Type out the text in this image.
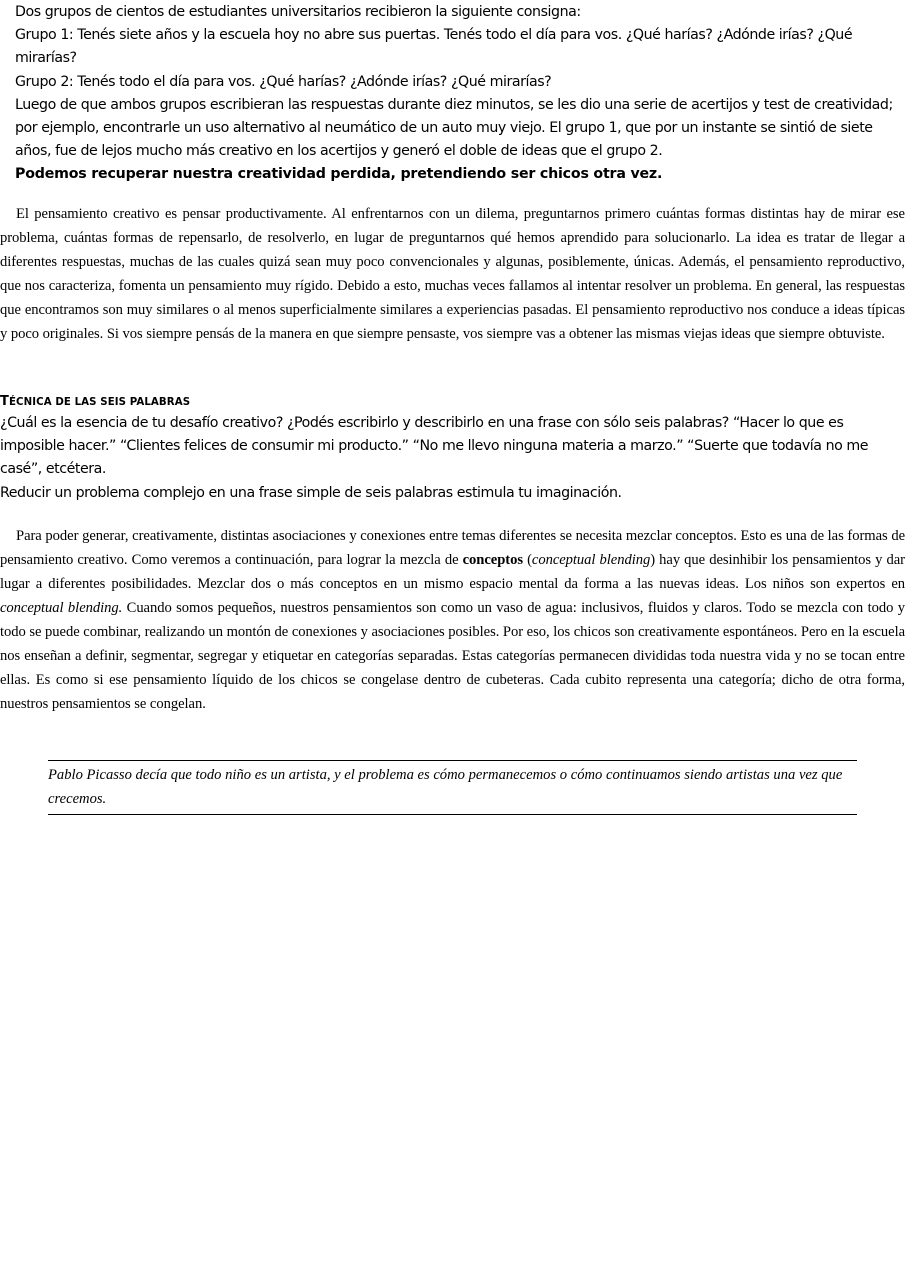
Dos grupos de cientos de estudiantes universitarios recibieron la siguiente consigna:

Grupo 1: Tenés siete años y la escuela hoy no abre sus puertas. Tenés todo el día para vos. ¿Qué harías? ¿Adónde irías? ¿Qué mirarías?

Grupo 2: Tenés todo el día para vos. ¿Qué harías? ¿Adónde irías? ¿Qué mirarías?

Luego de que ambos grupos escribieran las respuestas durante diez minutos, se les dio una serie de acertijos y test de creatividad; por ejemplo, encontrarle un uso alternativo al neumático de un auto muy viejo. El grupo 1, que por un instante se sintió de siete años, fue de lejos mucho más creativo en los acertijos y generó el doble de ideas que el grupo 2.

Podemos recuperar nuestra creatividad perdida, pretendiendo ser chicos otra vez.

El pensamiento creativo es pensar productivamente. Al enfrentarnos con un dilema, preguntarnos primero cuántas formas distintas hay de mirar ese problema, cuántas formas de repensarlo, de resolverlo, en lugar de preguntarnos qué hemos aprendido para solucionarlo. La idea es tratar de llegar a diferentes respuestas, muchas de las cuales quizá sean muy poco convencionales y algunas, posiblemente, únicas. Además, el pensamiento reproductivo, que nos caracteriza, fomenta un pensamiento muy rígido. Debido a esto, muchas veces fallamos al intentar resolver un problema. En general, las respuestas que encontramos son muy similares o al menos superficialmente similares a experiencias pasadas. El pensamiento reproductivo nos conduce a ideas típicas y poco originales. Si vos siempre pensás de la manera en que siempre pensaste, vos siempre vas a obtener las mismas viejas ideas que siempre obtuviste.

TÉCNICA DE LAS SEIS PALABRAS

¿Cuál es la esencia de tu desafío creativo? ¿Podés escribirlo y describirlo en una frase con sólo seis palabras? “Hacer lo que es imposible hacer.” “Clientes felices de consumir mi producto.” “No me llevo ninguna materia a marzo.” “Suerte que todavía no me casé”, etcétera.

Reducir un problema complejo en una frase simple de seis palabras estimula tu imaginación.

Para poder generar, creativamente, distintas asociaciones y conexiones entre temas diferentes se necesita mezclar conceptos. Esto es una de las formas de pensamiento creativo. Como veremos a continuación, para lograr la mezcla de conceptos (conceptual blending) hay que desinhibir los pensamientos y dar lugar a diferentes posibilidades. Mezclar dos o más conceptos en un mismo espacio mental da forma a las nuevas ideas. Los niños son expertos en conceptual blending. Cuando somos pequeños, nuestros pensamientos son como un vaso de agua: inclusivos, fluidos y claros. Todo se mezcla con todo y todo se puede combinar, realizando un montón de conexiones y asociaciones posibles. Por eso, los chicos son creativamente espontáneos. Pero en la escuela nos enseñan a definir, segmentar, segregar y etiquetar en categorías separadas. Estas categorías permanecen divididas toda nuestra vida y no se tocan entre ellas. Es como si ese pensamiento líquido de los chicos se congelase dentro de cubeteras. Cada cubito representa una categoría; dicho de otra forma, nuestros pensamientos se congelan.

Pablo Picasso decía que todo niño es un artista, y el problema es cómo permanecemos o cómo continuamos siendo artistas una vez que crecemos.
